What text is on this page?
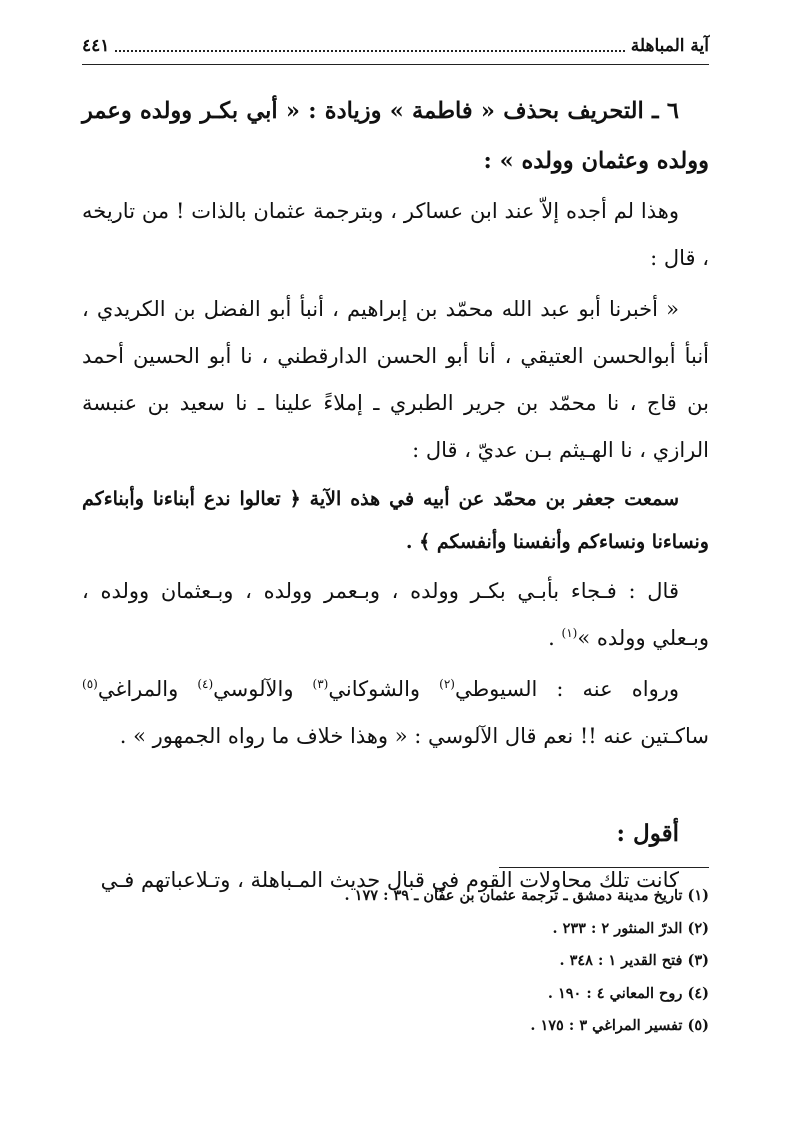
آية المباهلة
٤٤١

٦ ـ التحريف بحذف « فاطمة » وزيادة : « أبي بكـر وولده وعمر وولده وعثمان وولده » :

وهذا لم أجده إلاّ عند ابن عساكر ، وبترجمة عثمان بالذات ! من تاريخه ، قال :

« أخبرنا أبو عبد الله محمّد بن إبراهيم ، أنبأ أبو الفضل بن الكريدي ، أنبأ أبوالحسن العتيقي ، أنا أبو الحسن الدارقطني ، نا أبو الحسين أحمد بن قاج ، نا محمّد بن جرير الطبري ـ إملاءً علينا ـ نا سعيد بن عنبسة الرازي ، نا الهـيثم بـن عديّ ، قال :

سمعت جعفر بن محمّد عن أبيه في هذه الآية ﴿ تعالوا ندع أبناءنا وأبناءكم ونساءنا ونساءكم وأنفسنا وأنفسكم ﴾ .

قال : فـجاء بأبـي بكـر وولده ، وبـعمر وولده ، وبـعثمان وولده ، وبـعلي وولده »$^{(١)}$ .

ورواه عنه : السيوطي$^{(٢)}$ والشوكاني$^{(٣)}$ والآلوسي$^{(٤)}$ والمراغي$^{(٥)}$ ساكـتين عنه !! نعم قال الآلوسي : « وهذا خلاف ما رواه الجمهور » .

أقول :

كانت تلك محاولات القوم في قبال حديث المـباهلة ، وتـلاعباتهم فـي

(١) تاريخ مدينة دمشق ـ ترجمة عثمان بن عفّان ـ ٣٩ : ١٧٧ .
(٢) الدرّ المنثور ٢ : ٢٣٣ .
(٣) فتح القدير ١ : ٣٤٨ .
(٤) روح المعاني ٤ : ١٩٠ .
(٥) تفسير المراغي ٣ : ١٧٥ .
